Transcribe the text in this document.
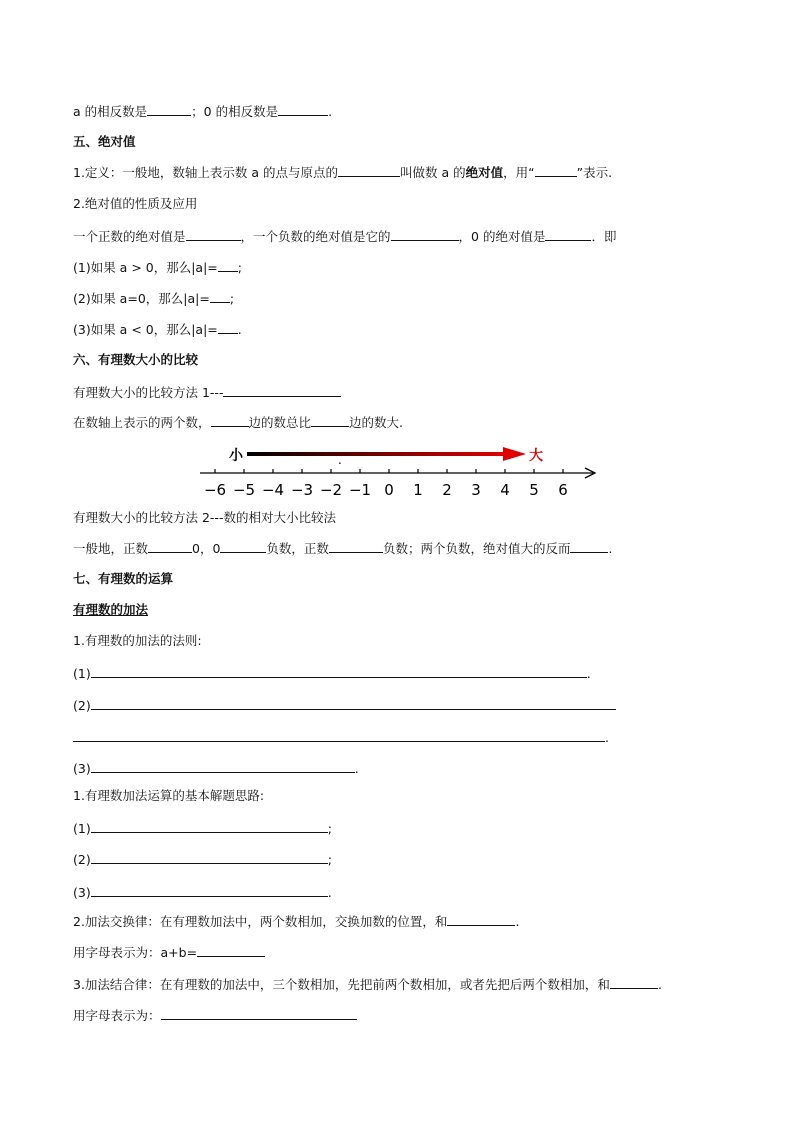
a 的相反数是	；0 的相反数是	.
五、绝对值
1.定义：一般地，数轴上表示数 a 的点与原点的	叫做数 a 的绝对值，用“	”表示.
2.绝对值的性质及应用
一个正数的绝对值是	，一个负数的绝对值是它的	，0 的绝对值是	．即
(1)如果 a > 0，那么|a|= ;
(2)如果 a=0，那么|a|= ;
(3)如果 a < 0，那么|a|= .
六、有理数大小的比较
有理数大小的比较方法 1---
在数轴上表示的两个数，	边的数总比	边的数大.
小	大
.
−6 −5 −4 −3 −2 −1 0 1 2 3 4 5 6
有理数大小的比较方法 2---数的相对大小比较法
一般地，正数	0，0	负数，正数	负数；两个负数，绝对值大的反而	.
七、有理数的运算
有理数的加法
1.有理数的加法的法则:
(1)	.
(2)
.
(3)	.
1.有理数加法运算的基本解题思路:
(1)	;
(2)	;
(3)	.
2.加法交换律：在有理数加法中，两个数相加，交换加数的位置，和	.
用字母表示为：a+b=
3.加法结合律：在有理数的加法中，三个数相加，先把前两个数相加，或者先把后两个数相加，和	.
用字母表示为：
